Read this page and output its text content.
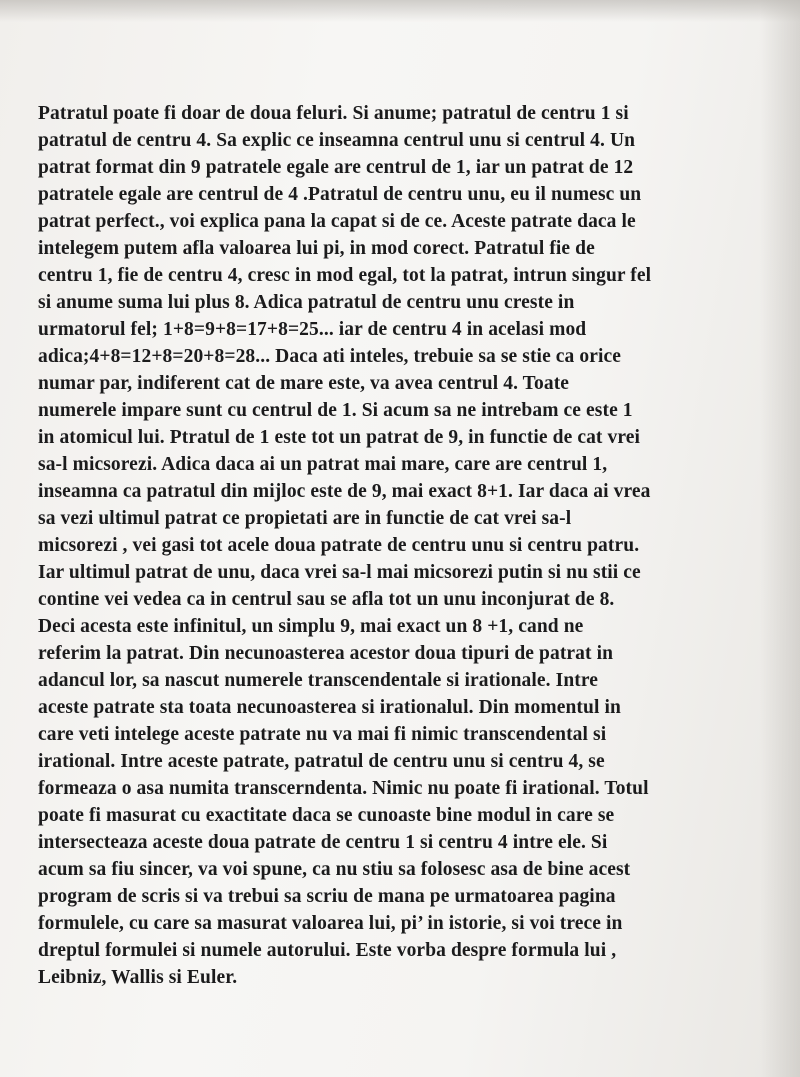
Patratul poate fi doar de doua feluri. Si anume; patratul de centru 1 si
patratul de centru 4. Sa explic ce inseamna centrul unu si centrul 4. Un
patrat format din 9 patratele egale are centrul de 1, iar un patrat de 12
patratele egale are centrul de 4 .Patratul de centru unu, eu il numesc un
patrat perfect., voi explica pana la capat si de ce. Aceste patrate daca le
intelegem putem afla valoarea lui pi, in mod corect. Patratul fie de
centru 1, fie de centru 4, cresc in mod egal, tot la patrat, intrun singur fel
si anume suma lui plus 8. Adica patratul de centru unu creste in
urmatorul fel; 1+8=9+8=17+8=25... iar de centru 4 in acelasi mod
adica;4+8=12+8=20+8=28... Daca ati inteles, trebuie sa se stie ca orice
numar par, indiferent cat de mare este, va avea centrul 4. Toate
numerele impare sunt cu centrul de 1. Si acum sa ne intrebam ce este 1
in atomicul lui. Ptratul de 1 este tot un patrat de 9, in functie de cat vrei
sa-l micsorezi. Adica daca ai un patrat mai mare, care are centrul 1,
inseamna ca patratul din mijloc este de 9, mai exact 8+1. Iar daca ai vrea
sa vezi ultimul patrat ce propietati are in functie de cat vrei sa-l
micsorezi , vei gasi tot acele doua patrate de centru unu si centru patru.
Iar ultimul patrat de unu, daca vrei sa-l mai micsorezi putin si nu stii ce
contine vei vedea ca in centrul sau se afla tot un unu inconjurat de 8.
Deci acesta este infinitul, un simplu 9, mai exact un 8 +1, cand ne
referim la patrat. Din necunoasterea acestor doua tipuri de patrat in
adancul lor, sa nascut numerele transcendentale si irationale. Intre
aceste patrate sta toata necunoasterea si irationalul. Din momentul in
care veti intelege aceste patrate nu va mai fi nimic transcendental si
irational. Intre aceste patrate, patratul de centru unu si centru 4, se
formeaza o asa numita transcerndenta. Nimic nu poate fi irational. Totul
poate fi masurat cu exactitate daca se cunoaste bine modul in care se
intersecteaza aceste doua patrate de centru 1 si centru 4 intre ele. Si
acum sa fiu sincer, va voi spune, ca nu stiu sa folosesc asa de bine acest
program de scris si va trebui sa scriu de mana pe urmatoarea pagina
formulele, cu care sa masurat valoarea lui, pi’ in istorie, si voi trece in
dreptul formulei si numele autorului. Este vorba despre formula lui ,
Leibniz, Wallis si Euler.
